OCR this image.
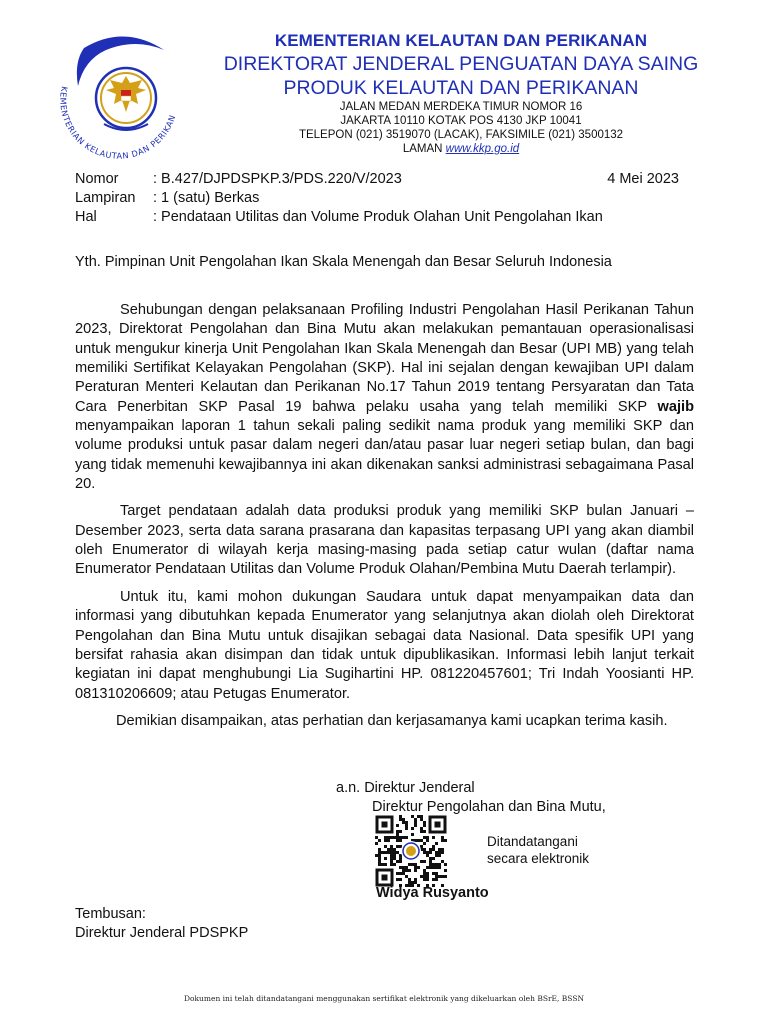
KEMENTERIAN KELAUTAN DAN PERIKAN
KEMENTERIAN KELAUTAN DAN PERIKANAN
DIREKTORAT JENDERAL PENGUATAN DAYA SAING
PRODUK KELAUTAN DAN PERIKANAN
JALAN MEDAN MERDEKA TIMUR NOMOR 16
JAKARTA 10110 KOTAK POS 4130 JKP 10041
TELEPON (021) 3519070 (LACAK), FAKSIMILE (021) 3500132
LAMAN www.kkp.go.id
Nomor	: B.427/DJPDSPKP.3/PDS.220/V/2023
Lampiran	: 1 (satu) Berkas
Hal	: Pendataan Utilitas dan Volume Produk Olahan Unit Pengolahan Ikan
4 Mei 2023
Yth. Pimpinan Unit Pengolahan Ikan Skala Menengah dan Besar Seluruh Indonesia

Sehubungan dengan pelaksanaan Profiling Industri Pengolahan Hasil Perikanan Tahun 2023, Direktorat Pengolahan dan Bina Mutu akan melakukan pemantauan operasionalisasi untuk mengukur kinerja Unit Pengolahan Ikan Skala Menengah dan Besar (UPI MB) yang telah memiliki Sertifikat Kelayakan Pengolahan (SKP). Hal ini sejalan dengan kewajiban UPI dalam Peraturan Menteri Kelautan dan Perikanan No.17 Tahun 2019 tentang Persyaratan dan Tata Cara Penerbitan SKP Pasal 19 bahwa pelaku usaha yang telah memiliki SKP wajib menyampaikan laporan 1 tahun sekali paling sedikit nama produk yang memiliki SKP dan volume produksi untuk pasar dalam negeri dan/atau pasar luar negeri setiap bulan, dan bagi yang tidak memenuhi kewajibannya ini akan dikenakan sanksi administrasi sebagaimana Pasal 20.

Target pendataan adalah data produksi produk yang memiliki SKP bulan Januari – Desember 2023, serta data sarana prasarana dan kapasitas terpasang UPI yang akan diambil oleh Enumerator di wilayah kerja masing-masing pada setiap catur wulan (daftar nama Enumerator Pendataan Utilitas dan Volume Produk Olahan/Pembina Mutu Daerah terlampir).

Untuk itu, kami mohon dukungan Saudara untuk dapat menyampaikan data dan informasi yang dibutuhkan kepada Enumerator yang selanjutnya akan diolah oleh Direktorat Pengolahan dan Bina Mutu untuk disajikan sebagai data Nasional. Data spesifik UPI yang bersifat rahasia akan disimpan dan tidak untuk dipublikasikan. Informasi lebih lanjut terkait kegiatan ini dapat menghubungi Lia Sugihartini HP. 081220457601; Tri Indah Yoosianti HP. 081310206609; atau Petugas Enumerator.

Demikian disampaikan, atas perhatian dan kerjasamanya kami ucapkan terima kasih.

a.n. Direktur Jenderal
Direktur Pengolahan dan Bina Mutu,
Ditandatangani
secara elektronik
Widya Rusyanto
Tembusan:
Direktur Jenderal PDSPKP
Dokumen ini telah ditandatangani menggunakan sertifikat elektronik yang dikeluarkan oleh BSrE, BSSN
